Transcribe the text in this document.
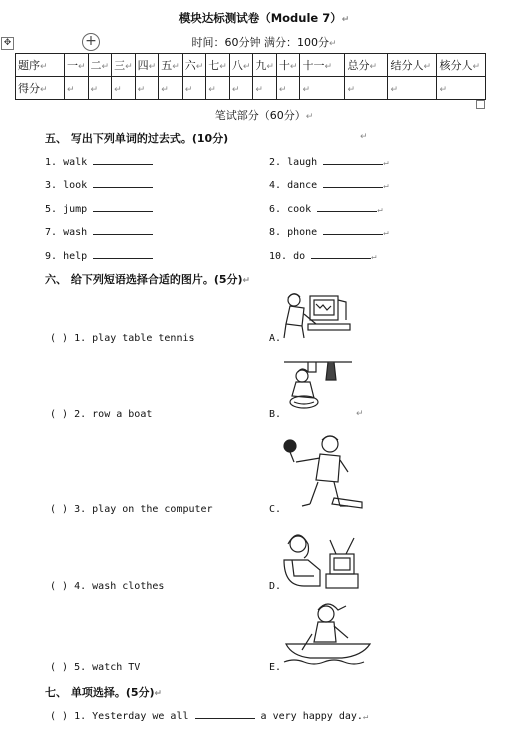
模块达标测试卷（Module 7）↵
时间：60分钟 满分：100分↵
✥	+
题序↵	一↵	二↵	三↵	四↵	五↵	六↵	七↵	八↵	九↵	十↵	十一↵	总分↵	结分人↵	核分人↵
得分↵	↵	↵	↵	↵	↵	↵	↵	↵	↵	↵	↵	↵	↵	↵
笔试部分（60分）↵
五、 写出下列单词的过去式。(10分)	↵
1. walk	2. laugh	↵
3. look	4. dance	↵
5. jump	6. cook	↵
7. wash	8. phone	↵
9. help	10. do	↵
六、 给下列短语选择合适的图片。(5分)↵
( ) 1. play table tennis	A.
( ) 2. row a boat	B.	↵
( ) 3. play on the computer	C.
( ) 4. wash clothes	D.
( ) 5. watch TV	E.
七、 单项选择。(5分)↵
( ) 1. Yesterday we all	a very happy day.↵
